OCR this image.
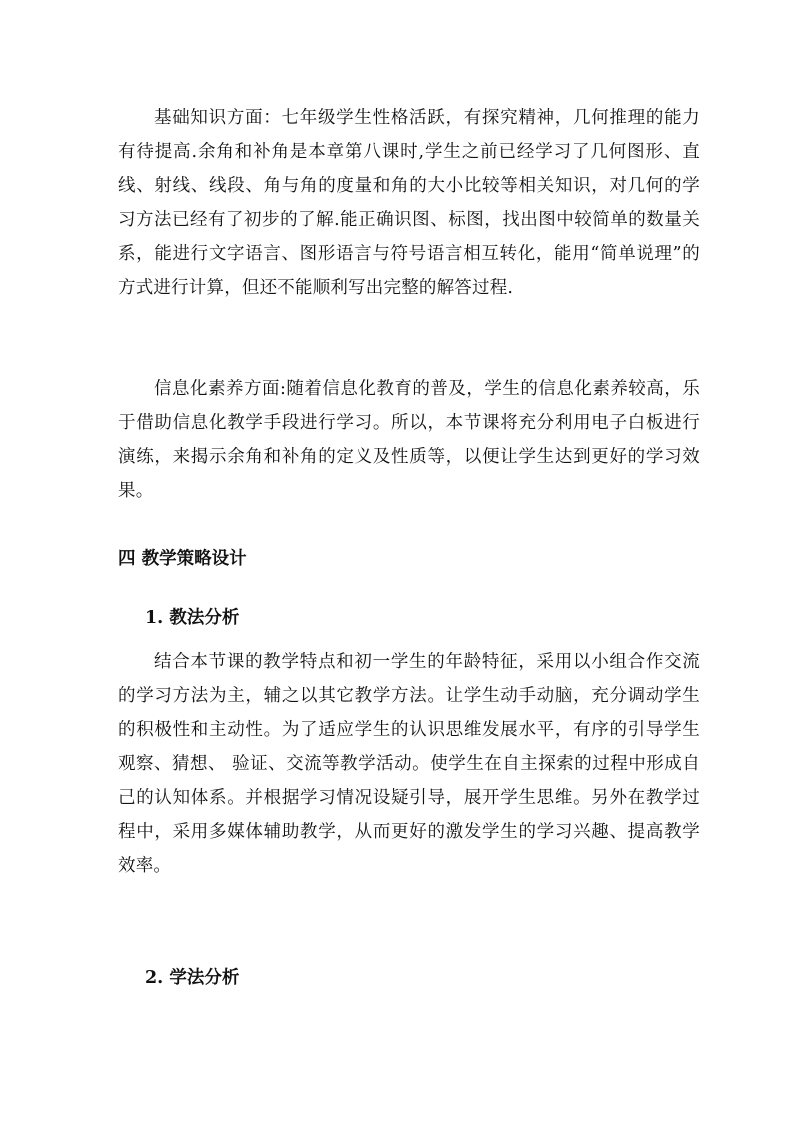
基础知识方面：七年级学生性格活跃，有探究精神，几何推理的能力有待提高.余角和补角是本章第八课时,学生之前已经学习了几何图形、直线、射线、线段、角与角的度量和角的大小比较等相关知识，对几何的学习方法已经有了初步的了解.能正确识图、标图，找出图中较简单的数量关系，能进行文字语言、图形语言与符号语言相互转化，能用“简单说理”的方式进行计算，但还不能顺利写出完整的解答过程.

信息化素养方面:随着信息化教育的普及，学生的信息化素养较高，乐于借助信息化教学手段进行学习。所以，本节课将充分利用电子白板进行演练，来揭示余角和补角的定义及性质等，以便让学生达到更好的学习效果。

四 教学策略设计
1. 教法分析

结合本节课的教学特点和初一学生的年龄特征，采用以小组合作交流的学习方法为主，辅之以其它教学方法。让学生动手动脑，充分调动学生的积极性和主动性。为了适应学生的认识思维发展水平，有序的引导学生观察、猜想、 验证、交流等教学活动。使学生在自主探索的过程中形成自己的认知体系。并根据学习情况设疑引导，展开学生思维。另外在教学过程中，采用多媒体辅助教学，从而更好的激发学生的学习兴趣、提高教学效率。

2. 学法分析
